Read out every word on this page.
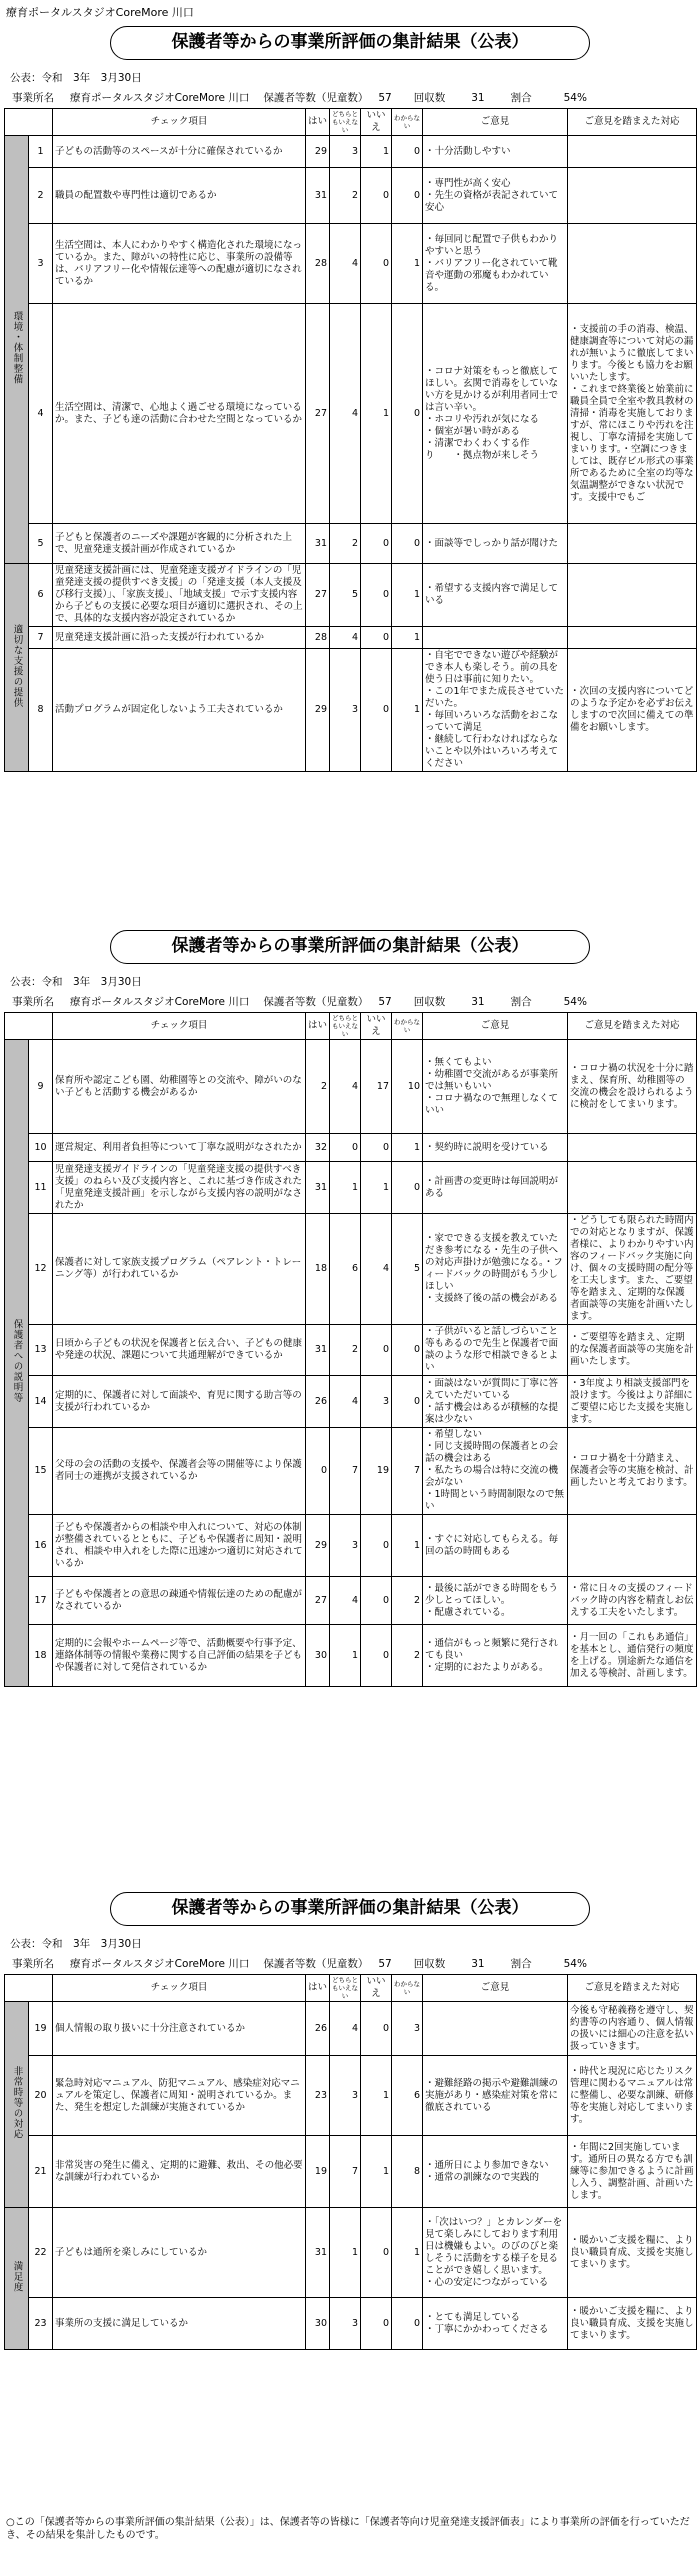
療育ポータルスタジオCoreMore 川口
保護者等からの事業所評価の集計結果（公表）
公表：令和　3年　3月30日
事業所名 療育ポータルスタジオCoreMore 川口 保護者等数（児童数） 57 回収数 31 割合	54%
		チェック項目	はい	どちらともいえない	いいえ	わからない	ご意見	ご意見を踏まえた対応
環境・体制整備	1	子どもの活動等のスペースが十分に確保されているか	29	3	1	0	・十分活動しやすい	

	2	職員の配置数や専門性は適切であるか	31	2	0	0	・専門性が高く安心
・先生の資格が表記されていて安心	

	3	生活空間は、本人にわかりやすく構造化された環境になっているか。また、障がいの特性に応じ、事業所の設備等は、バリアフリー化や情報伝達等への配慮が適切になされているか	28	4	0	1	・毎回同じ配置で子供もわかりやすいと思う
・バリアフリー化されていて靴音や運動の邪魔もわかれている。	

	4	生活空間は、清潔で、心地よく過ごせる環境になっているか。また、子ども達の活動に合わせた空間となっているか	27	4	1	0	・コロナ対策をもっと徹底してほしい。玄関で消毒をしていない方を見かけるが利用者同士では言い辛い。
・ホコリや汚れが気になる
・個室が暑い時がある
・清潔でわくわくする作り　　・拠点物が来しそう	・支援前の手の消毒、検温、健康調査等について対応の漏れが無いように徹底してまいります。今後とも協力をお願いいたします。
・これまで終業後と始業前に職員全員で全室や教具教材の清掃・消毒を実施しておりますが、常にほこりや汚れを注視し、丁寧な清掃を実施してまいります。・空調につきましては、既存ビル形式の事業所であるために全室の均等な気温調整ができない状況です。支援中でもご

	5	子どもと保護者のニーズや課題が客観的に分析された上で、児童発達支援計画が作成されているか	31	2	0	0	・面談等でしっかり話が聞けた	

適切な支援の提供	6	児童発達支援計画には、児童発達支援ガイドラインの「児童発達支援の提供すべき支援」の「発達支援（本人支援及び移行支援）」、「家族支援」、「地域支援」で示す支援内容から子どもの支援に必要な項目が適切に選択され、その上で、具体的な支援内容が設定されているか	27	5	0	1	・希望する支援内容で満足している	

	7	児童発達支援計画に沿った支援が行われているか	28	4	0	1	

	8	活動プログラムが固定化しないよう工夫されているか	29	3	0	1	・自宅でできない遊びや経験ができ本人も楽しそう。前の具を使う日は事前に知りたい。
・この1年でまた成長させていただいた。
・毎回いろいろな活動をおこなっていて満足
・継続して行わなければならないことや以外はいろいろ考えてください	・次回の支援内容についてどのような予定かを必ずお伝えしますので次回に備えての準備をお願いします。
保護者等からの事業所評価の集計結果（公表）
公表：令和　3年　3月30日
事業所名 療育ポータルスタジオCoreMore 川口 保護者等数（児童数） 57 回収数 31 割合	54%
		チェック項目	はい	どちらともいえない	いいえ	わからない	ご意見	ご意見を踏まえた対応
保護者への説明等	9	保育所や認定こども園、幼稚園等との交流や、障がいのない子どもと活動する機会があるか	2	4	17	10	・無くてもよい
・幼稚園で交流があるが事業所では無いもいい
・コロナ禍なので無理しなくていい	・コロナ禍の状況を十分に踏まえ、保育所、幼稚園等の交流の機会を設けられるように検討をしてまいります。

	10	運営規定、利用者負担等について丁寧な説明がなされたか	32	0	0	1	・契約時に説明を受けている	

	11	児童発達支援ガイドラインの「児童発達支援の提供すべき支援」のねらい及び支援内容と、これに基づき作成された「児童発達支援計画」を示しながら支援内容の説明がなされたか	31	1	1	0	・計画書の変更時は毎回説明がある	

	12	保護者に対して家族支援プログラム（ペアレント・トレーニング等）が行われているか	18	6	4	5	・家でできる支援を教えていただき参考になる・先生の子供への対応声掛けが勉強になる。・フィードバックの時間がもう少しほしい
・支援終了後の話の機会がある	・どうしても限られた時間内での対応となりますが、保護者様に、よりわかりやすい内容のフィードバック実施に向け、個々の支援時間の配分等を工夫します。また、ご要望等を踏まえ、定期的な保護者面談等の実施を計画いたします。

	13	日頃から子どもの状況を保護者と伝え合い、子どもの健康や発達の状況、課題について共通理解ができているか	31	2	0	0	・子供がいると話しづらいこと等もあるので先生と保護者で面談のような形で相談できるとよい	・ご要望等を踏まえ、定期的な保護者面談等の実施を計画いたします。

	14	定期的に、保護者に対して面談や、育児に関する助言等の支援が行われているか	26	4	3	0	・面談はないが質問に丁寧に答えていただいている
・話す機会はあるが積極的な提案は少ない	・3年度より相談支援部門を設けます。今後はより詳細にご要望に応じた支援を実施します。

	15	父母の会の活動の支援や、保護者会等の開催等により保護者同士の連携が支援されているか	0	7	19	7	・希望しない
・同じ支援時間の保護者との会話の機会はある
・私たちの場合は特に交流の機会がない
・1時間という時間制限なので無い	・コロナ禍を十分踏まえ、保護者会等の実施を検討、計画したいと考えております。

	16	子どもや保護者からの相談や申入れについて、対応の体制が整備されているとともに、子どもや保護者に周知・説明され、相談や申入れをした際に迅速かつ適切に対応されているか	29	3	0	1	・すぐに対応してもらえる。毎回の話の時間もある	

	17	子どもや保護者との意思の疎通や情報伝達のための配慮がなされているか	27	4	0	2	・最後に話ができる時間をもう少しとってほしい。
・配慮されている。	・常に日々の支援のフィードバック時の内容を精査しお伝えする工夫をいたします。

	18	定期的に会報やホームページ等で、活動概要や行事予定、連絡体制等の情報や業務に関する自己評価の結果を子どもや保護者に対して発信されているか	30	1	0	2	・通信がもっと頻繁に発行されても良い
・定期的におたよりがある。	・月一回の「これもあ通信」を基本とし、通信発行の頻度を上げる。別途新たな通信を加える等検討、計画します。
保護者等からの事業所評価の集計結果（公表）
公表：令和　3年　3月30日
事業所名 療育ポータルスタジオCoreMore 川口 保護者等数（児童数） 57 回収数 31 割合	54%
		チェック項目	はい	どちらともいえない	いいえ	わからない	ご意見	ご意見を踏まえた対応
非常時等の対応	19	個人情報の取り扱いに十分注意されているか	26	4	0	3		今後も守秘義務を遵守し、契約書等の内容通り、個人情報の扱いには細心の注意を払い扱っていきます。

	20	緊急時対応マニュアル、防犯マニュアル、感染症対応マニュアルを策定し、保護者に周知・説明されているか。また、発生を想定した訓練が実施されているか	23	3	1	6	・避難経路の掲示や避難訓練の実施があり・感染症対策を常に徹底されている	・時代と現況に応じたリスク管理に関わるマニュアルは常に整備し、必要な訓練、研修等を実施し対応してまいります。

	21	非常災害の発生に備え、定期的に避難、救出、その他必要な訓練が行われているか	19	7	1	8	・通所日により参加できない
・通常の訓練なので実践的	・年間に2回実施しています。通所日の異なる方でも訓練等に参加できるように計画し入う、調整計画、計画いたします。

満足度	22	子どもは通所を楽しみにしているか	31	1	0	1	・「次はいつ？」とカレンダーを見て楽しみにしております利用日は機嫌もよい。のびのびと楽しそうに活動をする様子を見ることができ嬉しく思います。
・心の安定につながっている	・暖かいご支援を糧に、より良い職員育成、支援を実施してまいります。

	23	事業所の支援に満足しているか	30	3	0	0	・とても満足している
・丁寧にかかわってくださる	・暖かいご支援を糧に、より良い職員育成、支援を実施してまいります。
○この「保護者等からの事業所評価の集計結果（公表）」は、保護者等の皆様に「保護者等向け児童発達支援評価表」により事業所の評価を行っていただき、その結果を集計したものです。
